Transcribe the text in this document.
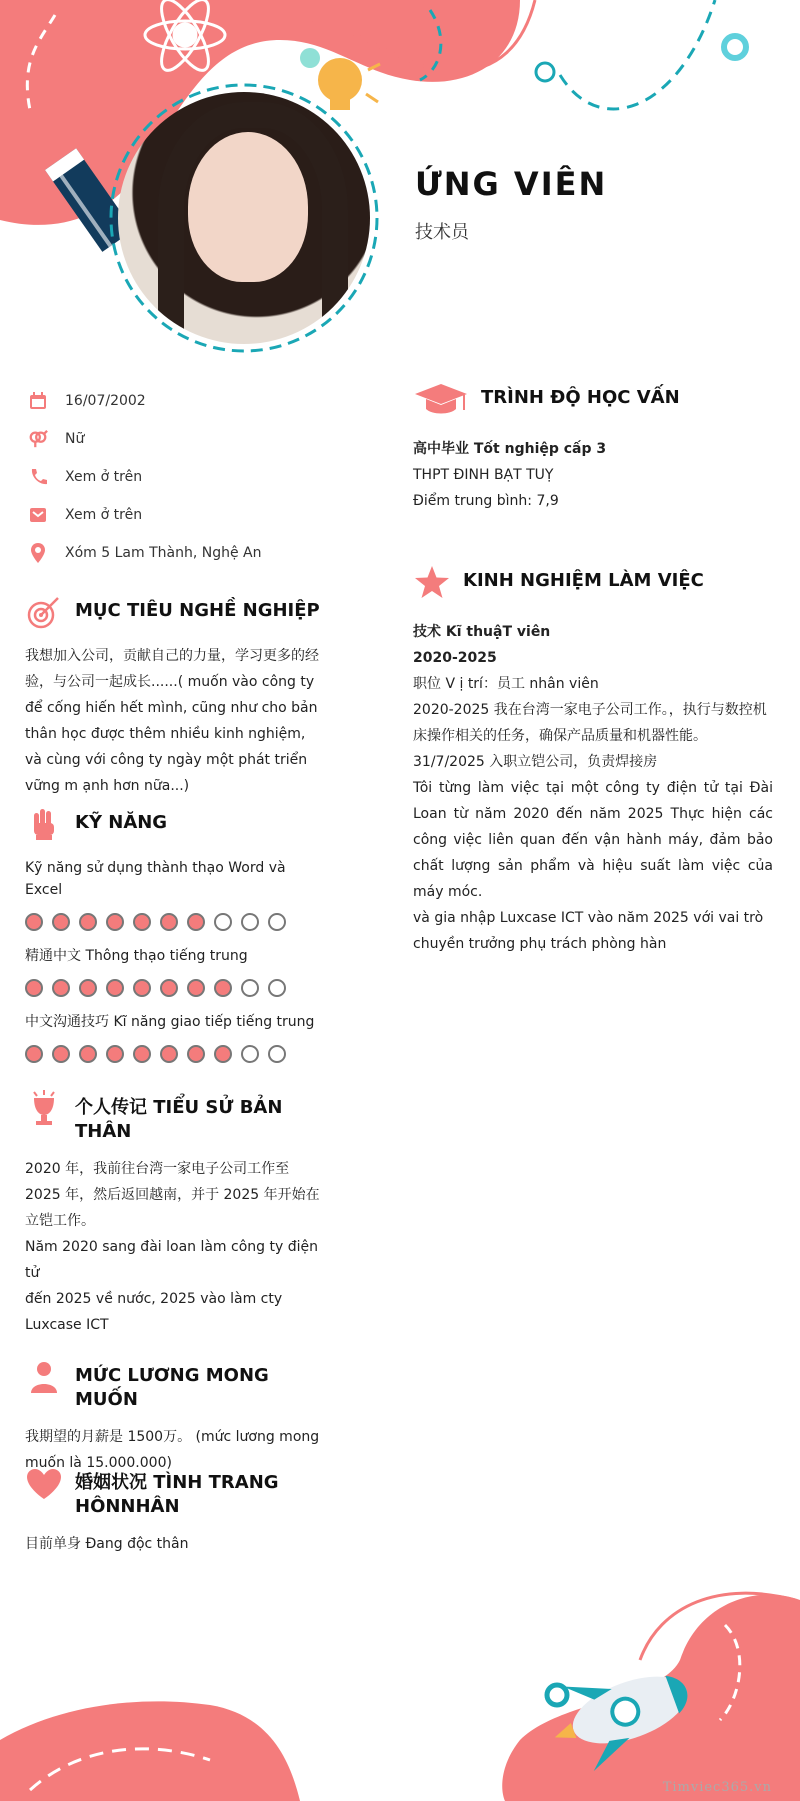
ỨNG VIÊN
技术员
16/07/2002
Nữ
Xem ở trên
Xem ở trên
Xóm 5 Lam Thành, Nghệ An
MỤC TIÊU NGHỀ NGHIỆP
我想加入公司，贡献自己的力量，学习更多的经验，与公司一起成长......( muốn vào công ty để cống hiến hết mình, cũng như cho bản thân học được thêm nhiều kinh nghiệm, và cùng với công ty ngày một phát triển vững m ạnh hơn nữa...)
KỸ NĂNG
Kỹ năng sử dụng thành thạo Word và Excel
精通中文 Thông thạo tiếng trung
中文沟通技巧 Kĩ năng giao tiếp tiếng trung
个人传记 TIỂU SỬ BẢN THÂN
2020 年，我前往台湾一家电子公司工作至
2025 年，然后返回越南，并于 2025 年开始在立铠工作。
Năm 2020 sang đài loan làm công ty điện tử
đến 2025 về nước, 2025 vào làm cty Luxcase ICT
MỨC LƯƠNG MONG MUỐN
我期望的月薪是 1500万。 (mức lương mong muốn là 15.000.000)
婚姻状况 TÌNH TRANG HÔNNHÂN
目前单身 Đang độc thân
TRÌNH ĐỘ HỌC VẤN
高中毕业 Tốt nghiệp cấp 3
THPT ĐINH BẠT TUỴ
Điểm trung bình: 7,9
KINH NGHIỆM LÀM VIỆC
技术 Kĩ thuậT viên
2020-2025
职位 V ị trí：员工 nhân viên
2020-2025 我在台湾一家电子公司工作。，执行与数控机床操作相关的任务，确保产品质量和机器性能。
31/7/2025 入职立铠公司，负责焊接房
Tôi từng làm việc tại một công ty điện tử tại Đài Loan từ năm 2020 đến năm 2025 Thực hiện các công việc liên quan đến vận hành máy, đảm bảo chất lượng sản phẩm và hiệu suất làm việc của máy móc.
và gia nhập Luxcase ICT vào năm 2025 với vai trò chuyền trưởng phụ trách phòng hàn
Timviec365.vn
